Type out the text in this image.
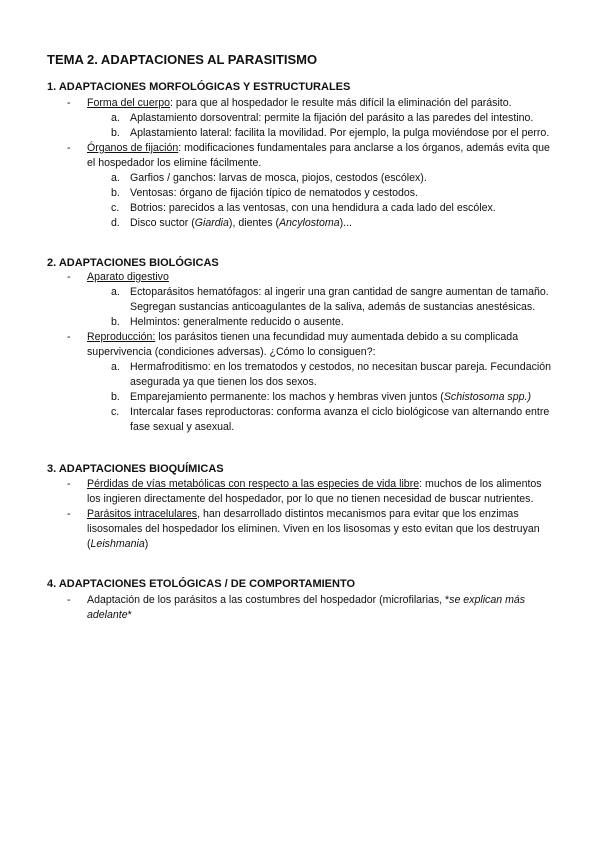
TEMA 2. ADAPTACIONES AL PARASITISMO
1. ADAPTACIONES MORFOLÓGICAS Y ESTRUCTURALES
- Forma del cuerpo: para que al hospedador le resulte más difícil la eliminación del parásito.
a. Aplastamiento dorsoventral: permite la fijación del parásito a las paredes del intestino.
b. Aplastamiento lateral: facilita la movilidad. Por ejemplo, la pulga moviéndose por el perro.
- Órganos de fijación: modificaciones fundamentales para anclarse a los órganos, además evita que el hospedador los elimine fácilmente.
a. Garfios / ganchos: larvas de mosca, piojos, cestodos (escólex).
b. Ventosas: órgano de fijación típico de nematodos y cestodos.
c. Botrios: parecidos a las ventosas, con una hendidura a cada lado del escólex.
d. Disco suctor (Giardia), dientes (Ancylostoma)...
2. ADAPTACIONES BIOLÓGICAS
- Aparato digestivo
a. Ectoparásitos hematófagos: al ingerir una gran cantidad de sangre aumentan de tamaño. Segregan sustancias anticoagulantes de la saliva, además de sustancias anestésicas.
b. Helmintos: generalmente reducido o ausente.
- Reproducción: los parásitos tienen una fecundidad muy aumentada debido a su complicada supervivencia (condiciones adversas). ¿Cómo lo consiguen?:
a. Hermafroditismo: en los trematodos y cestodos, no necesitan buscar pareja. Fecundación asegurada ya que tienen los dos sexos.
b. Emparejamiento permanente: los machos y hembras viven juntos (Schistosoma spp.)
c. Intercalar fases reproductoras: conforma avanza el ciclo biológicose van alternando entre fase sexual y asexual.
3. ADAPTACIONES BIOQUÍMICAS
- Pérdidas de vías metabólicas con respecto a las especies de vida libre: muchos de los alimentos los ingieren directamente del hospedador, por lo que no tienen necesidad de buscar nutrientes.
- Parásitos intracelulares, han desarrollado distintos mecanismos para evitar que los enzimas lisosomales del hospedador los eliminen. Viven en los lisosomas y esto evitan que los destruyan (Leishmania)
4. ADAPTACIONES ETOLÓGICAS / DE COMPORTAMIENTO
- Adaptación de los parásitos a las costumbres del hospedador (microfilarias, *se explican más adelante*
